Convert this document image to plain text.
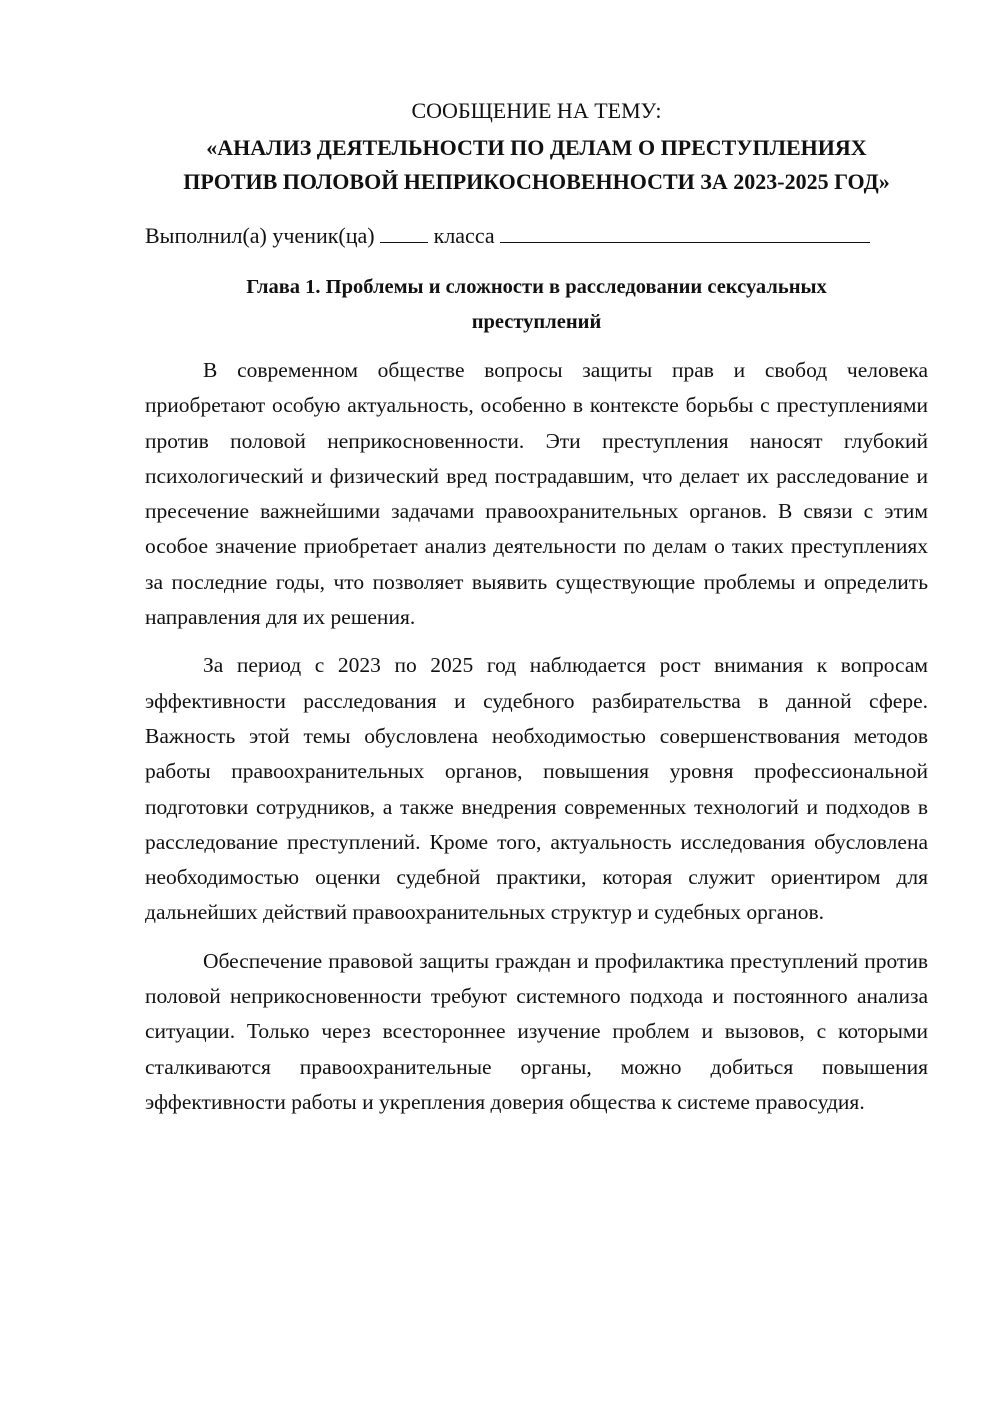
СООБЩЕНИЕ НА ТЕМУ:

«АНАЛИЗ ДЕЯТЕЛЬНОСТИ ПО ДЕЛАМ О ПРЕСТУПЛЕНИЯХ
ПРОТИВ ПОЛОВОЙ НЕПРИКОСНОВЕННОСТИ ЗА 2023-2025 ГОД»

Выполнил(а) ученик(ца)	класса

Глава 1. Проблемы и сложности в расследовании сексуальных
преступлений

В современном обществе вопросы защиты прав и свобод человека приобретают особую актуальность, особенно в контексте борьбы с преступлениями против половой неприкосновенности. Эти преступления наносят глубокий психологический и физический вред пострадавшим, что делает их расследование и пресечение важнейшими задачами правоохранительных органов. В связи с этим особое значение приобретает анализ деятельности по делам о таких преступлениях за последние годы, что позволяет выявить существующие проблемы и определить направления для их решения.

За период с 2023 по 2025 год наблюдается рост внимания к вопросам эффективности расследования и судебного разбирательства в данной сфере. Важность этой темы обусловлена необходимостью совершенствования методов работы правоохранительных органов, повышения уровня профессиональной подготовки сотрудников, а также внедрения современных технологий и подходов в расследование преступлений. Кроме того, актуальность исследования обусловлена необходимостью оценки судебной практики, которая служит ориентиром для дальнейших действий правоохранительных структур и судебных органов.

Обеспечение правовой защиты граждан и профилактика преступлений против половой неприкосновенности требуют системного подхода и постоянного анализа ситуации. Только через всестороннее изучение проблем и вызовов, с которыми сталкиваются правоохранительные органы, можно добиться повышения эффективности работы и укрепления доверия общества к системе правосудия.
